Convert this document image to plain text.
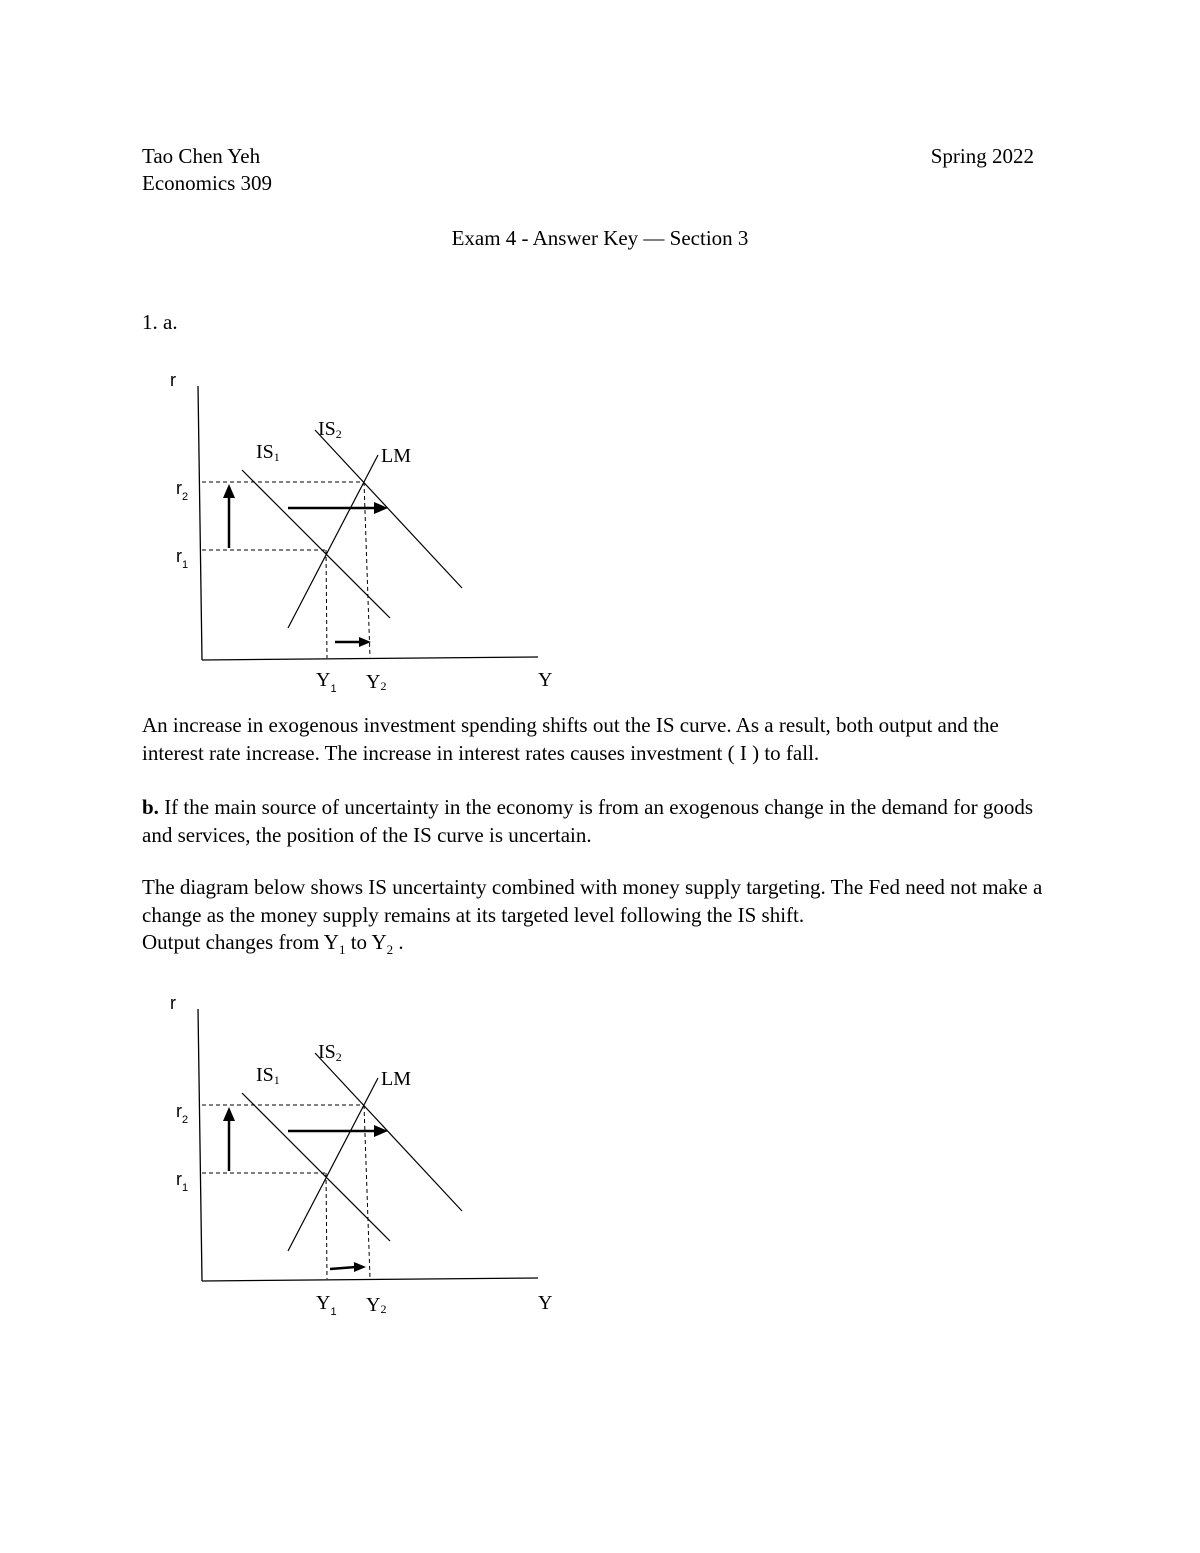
Tao Chen Yeh
Economics 309
Spring 2022
Exam 4 - Answer Key — Section 3
1. a.
r
$r_2$
$r_1$
IS1
IS2
LM
$Y_1$ Y2	Y
An increase in exogenous investment spending shifts out the IS curve. As a result, both output and the interest rate increase. The increase in interest rates causes investment ( I ) to fall.
b. If the main source of uncertainty in the economy is from an exogenous change in the demand for goods and services, the position of the IS curve is uncertain.
The diagram below shows IS uncertainty combined with money supply targeting. The Fed need not make a change as the money supply remains at its targeted level following the IS shift.
Output changes from $Y_1$ to $Y_2$ .
r
$r_2$
$r_1$
IS1
IS2
LM
$Y_1$ Y2	Y
